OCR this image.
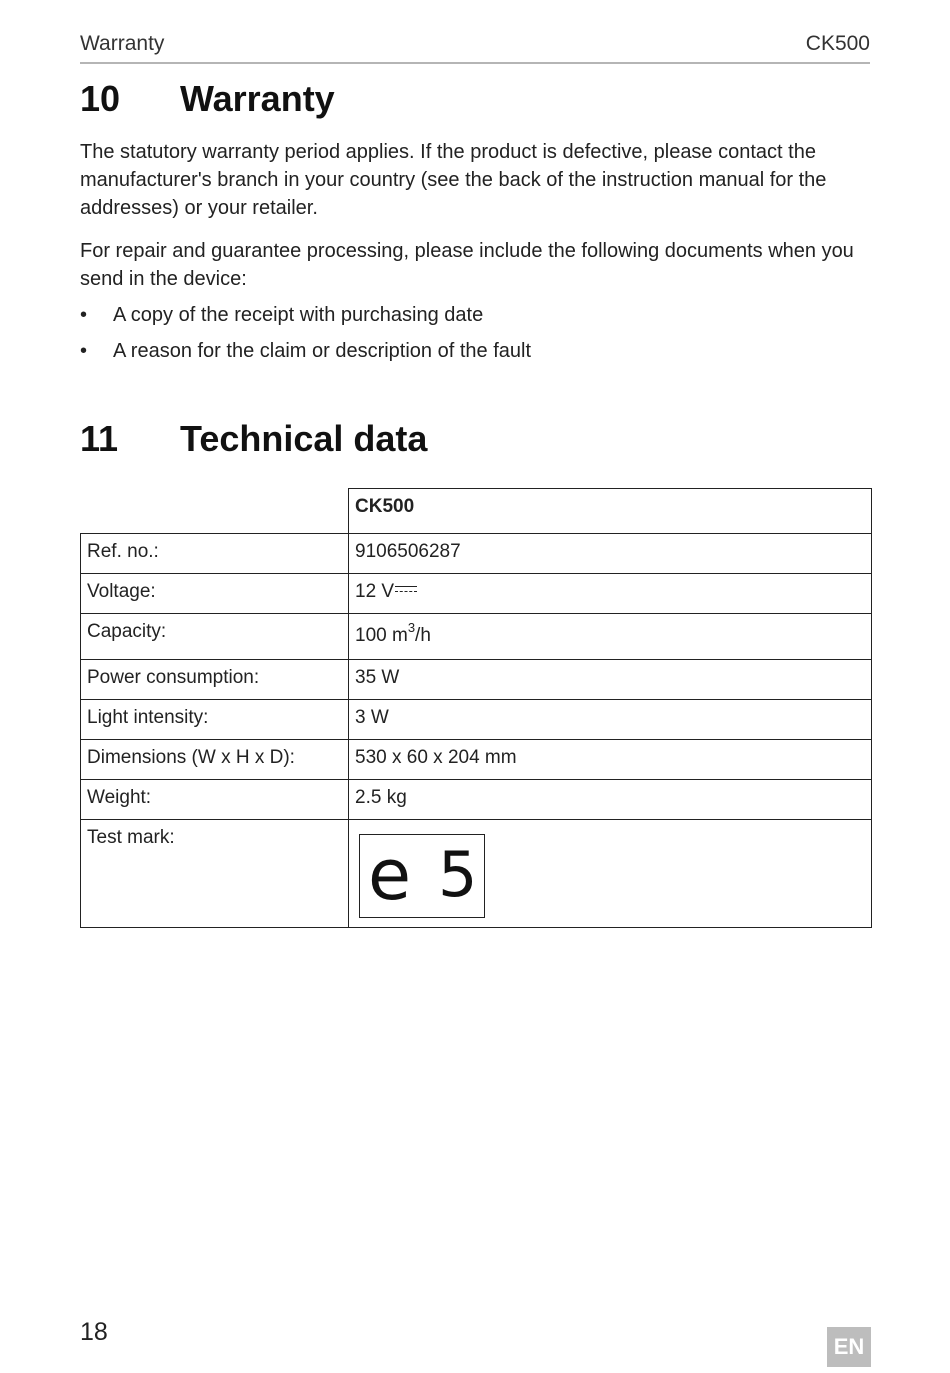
Warranty	CK500
10 Warranty

The statutory warranty period applies. If the product is defective, please contact the manufacturer's branch in your country (see the back of the instruction manual for the addresses) or your retailer.

For repair and guarantee processing, please include the following documents when you send in the device:

• A copy of the receipt with purchasing date
• A reason for the claim or description of the fault
11 Technical data
	CK500
Ref. no.:	9106506287
Voltage:	12 V

Capacity:	100 $m^3/h$
Power consumption:	35 W
Light intensity:	3 W
Dimensions (W x H x D):	530 x 60 x 204 mm
Weight:	2.5 kg
Test mark:	e 5
18
EN
